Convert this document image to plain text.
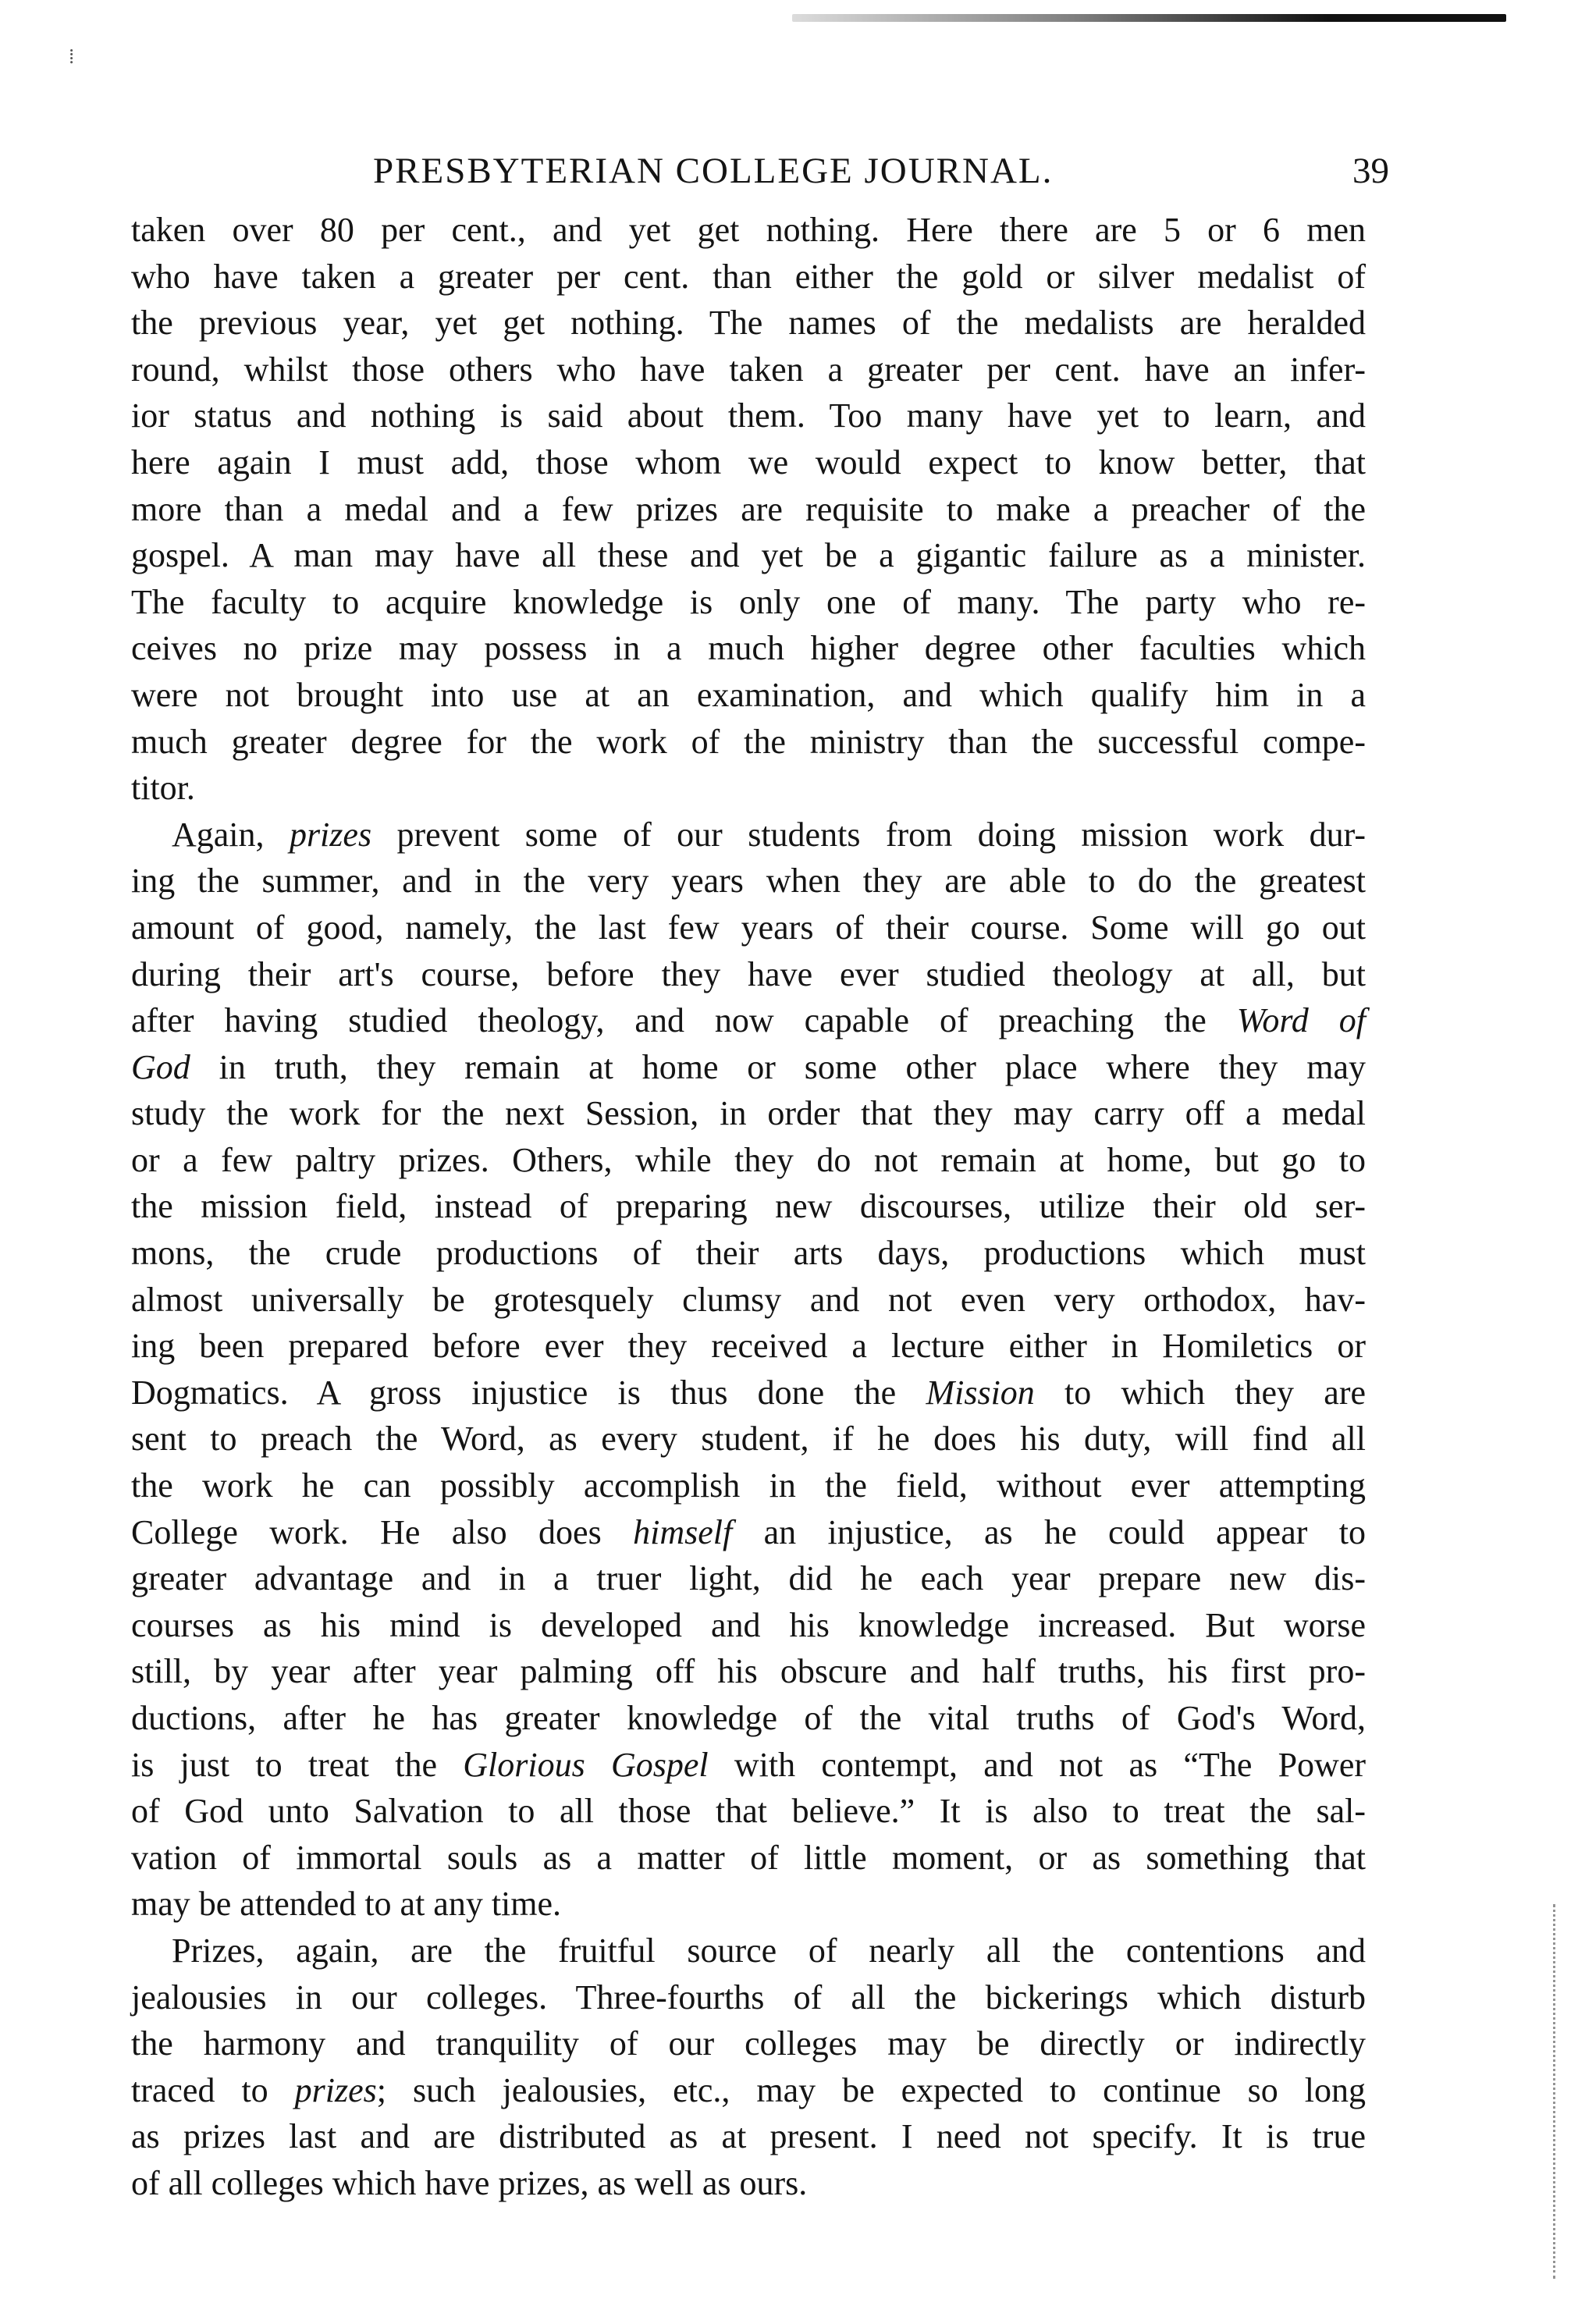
⁞
PRESBYTERIAN COLLEGE JOURNAL.	39
taken over 80 per cent., and yet get nothing. Here there are 5 or 6 men
who have taken a greater per cent. than either the gold or silver medalist of
the previous year, yet get nothing. The names of the medalists are heralded
round, whilst those others who have taken a greater per cent. have an infer-
ior status and nothing is said about them. Too many have yet to learn, and
here again I must add, those whom we would expect to know better, that
more than a medal and a few prizes are requisite to make a preacher of the
gospel. A man may have all these and yet be a gigantic failure as a minister.
The faculty to acquire knowledge is only one of many. The party who re-
ceives no prize may possess in a much higher degree other faculties which
were not brought into use at an examination, and which qualify him in a
much greater degree for the work of the ministry than the successful compe-
titor.
Again, prizes prevent some of our students from doing mission work dur-
ing the summer, and in the very years when they are able to do the greatest
amount of good, namely, the last few years of their course. Some will go out
during their art's course, before they have ever studied theology at all, but
after having studied theology, and now capable of preaching the Word of
God in truth, they remain at home or some other place where they may
study the work for the next Session, in order that they may carry off a medal
or a few paltry prizes. Others, while they do not remain at home, but go to
the mission field, instead of preparing new discourses, utilize their old ser-
mons, the crude productions of their arts days, productions which must
almost universally be grotesquely clumsy and not even very orthodox, hav-
ing been prepared before ever they received a lecture either in Homiletics or
Dogmatics. A gross injustice is thus done the Mission to which they are
sent to preach the Word, as every student, if he does his duty, will find all
the work he can possibly accomplish in the field, without ever attempting
College work. He also does himself an injustice, as he could appear to
greater advantage and in a truer light, did he each year prepare new dis-
courses as his mind is developed and his knowledge increased. But worse
still, by year after year palming off his obscure and half truths, his first pro-
ductions, after he has greater knowledge of the vital truths of God's Word,
is just to treat the Glorious Gospel with contempt, and not as “The Power
of God unto Salvation to all those that believe.” It is also to treat the sal-
vation of immortal souls as a matter of little moment, or as something that
may be attended to at any time.
Prizes, again, are the fruitful source of nearly all the contentions and
jealousies in our colleges. Three-fourths of all the bickerings which disturb
the harmony and tranquility of our colleges may be directly or indirectly
traced to prizes; such jealousies, etc., may be expected to continue so long
as prizes last and are distributed as at present. I need not specify. It is true
of all colleges which have prizes, as well as ours.
